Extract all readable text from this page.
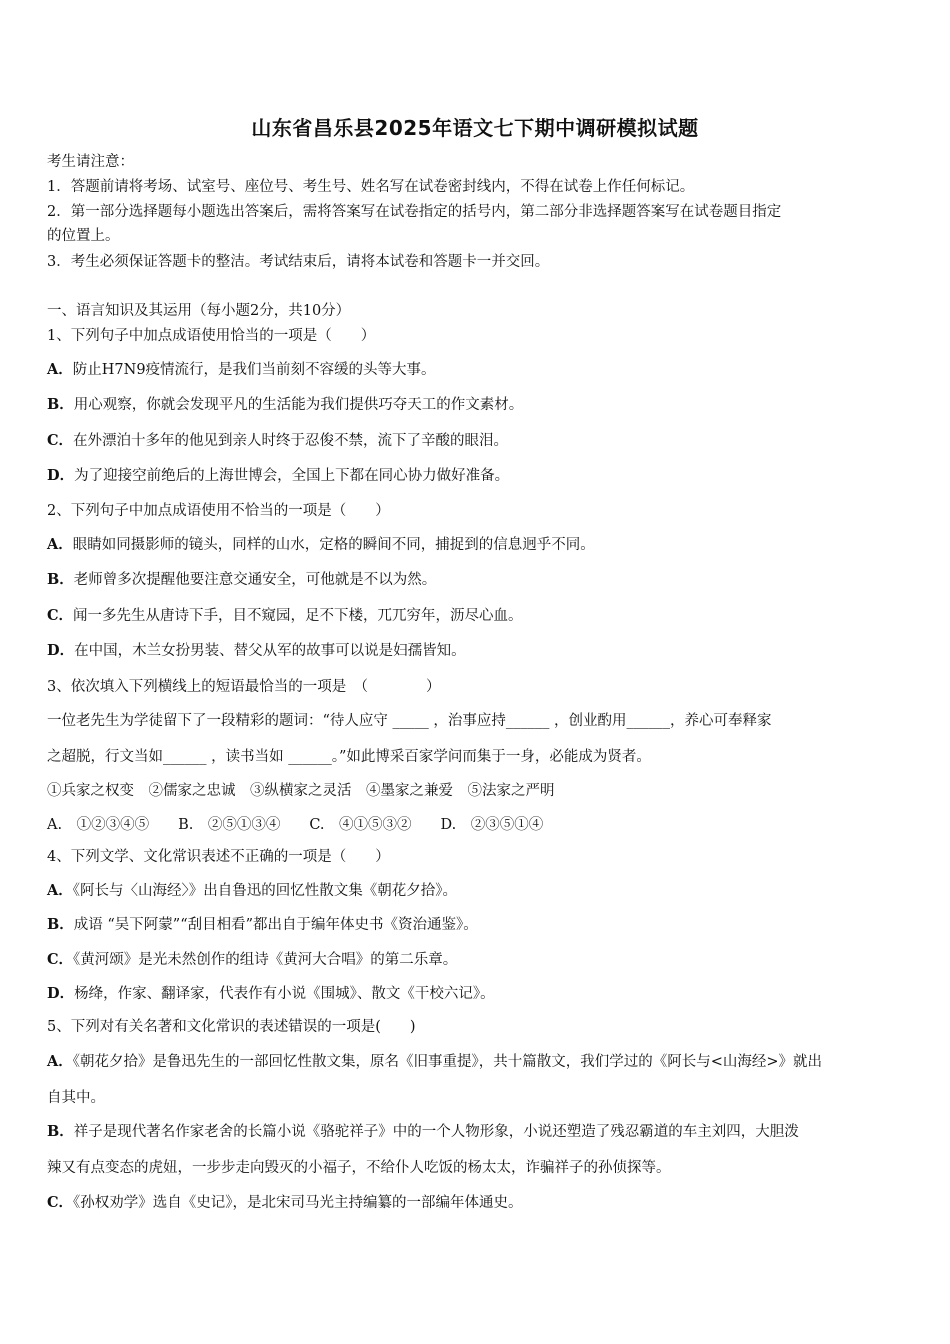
山东省昌乐县2025年语文七下期中调研模拟试题
考生请注意：
1．答题前请将考场、试室号、座位号、考生号、姓名写在试卷密封线内，不得在试卷上作任何标记。
2．第一部分选择题每小题选出答案后，需将答案写在试卷指定的括号内，第二部分非选择题答案写在试卷题目指定
的位置上。
3．考生必须保证答题卡的整洁。考试结束后，请将本试卷和答题卡一并交回。
一、语言知识及其运用（每小题2分，共10分）
1、下列句子中加点成语使用恰当的一项是（　　）
A．防止H7N9疫情流行，是我们当前刻不容缓的头等大事。
B．用心观察，你就会发现平凡的生活能为我们提供巧夺天工的作文素材。
C．在外漂泊十多年的他见到亲人时终于忍俊不禁，流下了辛酸的眼泪。
D．为了迎接空前绝后的上海世博会，全国上下都在同心协力做好准备。
2、下列句子中加点成语使用不恰当的一项是（　　）
A．眼睛如同摄影师的镜头，同样的山水，定格的瞬间不同，捕捉到的信息迥乎不同。
B．老师曾多次提醒他要注意交通安全，可他就是不以为然。
C．闻一多先生从唐诗下手，目不窥园，足不下楼，兀兀穷年，沥尽心血。
D．在中国，木兰女扮男装、替父从军的故事可以说是妇孺皆知。
3、依次填入下列横线上的短语最恰当的一项是　（　　　　）
一位老先生为学徒留下了一段精彩的题词：“待人应守 _____ ，治事应持______ ，创业酌用______，养心可奉释家
之超脱，行文当如______ ，读书当如 ______。”如此博采百家学问而集于一身，必能成为贤者。
①兵家之权变　②儒家之忠诚　③纵横家之灵活　④墨家之兼爱　⑤法家之严明
A.　①②③④⑤　　B.　②⑤①③④　　C.　④①⑤③②　　D.　②③⑤①④
4、下列文学、文化常识表述不正确的一项是（　　）
A．《阿长与〈山海经〉》出自鲁迅的回忆性散文集《朝花夕拾》。
B．成语 “吴下阿蒙”“刮目相看”都出自于编年体史书《资治通鉴》。
C．《黄河颂》是光未然创作的组诗《黄河大合唱》的第二乐章。
D．杨绛，作家、翻译家，代表作有小说《围城》、散文《干校六记》。
5、下列对有关名著和文化常识的表述错误的一项是(　　)
A．《朝花夕拾》是鲁迅先生的一部回忆性散文集，原名《旧事重提》，共十篇散文，我们学过的《阿长与<山海经>》就出
自其中。
B．祥子是现代著名作家老舍的长篇小说《骆驼祥子》中的一个人物形象，小说还塑造了残忍霸道的车主刘四，大胆泼
辣又有点变态的虎妞，一步步走向毁灭的小福子，不给仆人吃饭的杨太太，诈骗祥子的孙侦探等。
C．《孙权劝学》选自《史记》，是北宋司马光主持编纂的一部编年体通史。
